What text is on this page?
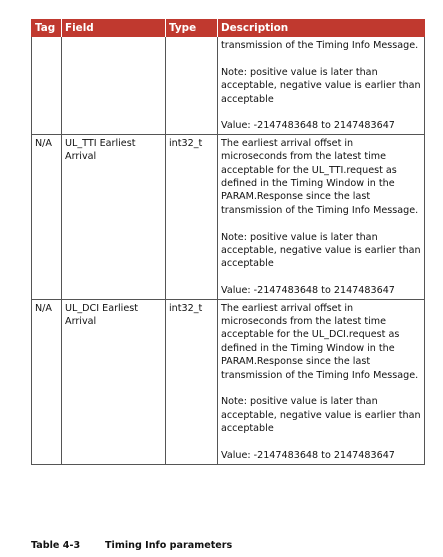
Tag	Field	Type	Description

			transmission of the Timing Info Message.

Note: positive value is later than acceptable, negative value is earlier than acceptable

Value: -2147483648 to 2147483647

N/A	UL_TTI Earliest Arrival	int32_t	The earliest arrival offset in microseconds from the latest time acceptable for the UL_TTI.request as defined in the Timing Window in the PARAM.Response since the last transmission of the Timing Info Message.

Note: positive value is later than acceptable, negative value is earlier than acceptable

Value: -2147483648 to 2147483647

N/A	UL_DCI Earliest Arrival	int32_t	The earliest arrival offset in microseconds from the latest time acceptable for the UL_DCI.request as defined in the Timing Window in the PARAM.Response since the last transmission of the Timing Info Message.

Note: positive value is later than acceptable, negative value is earlier than acceptable

Value: -2147483648 to 2147483647

Table 4-3	Timing Info parameters
